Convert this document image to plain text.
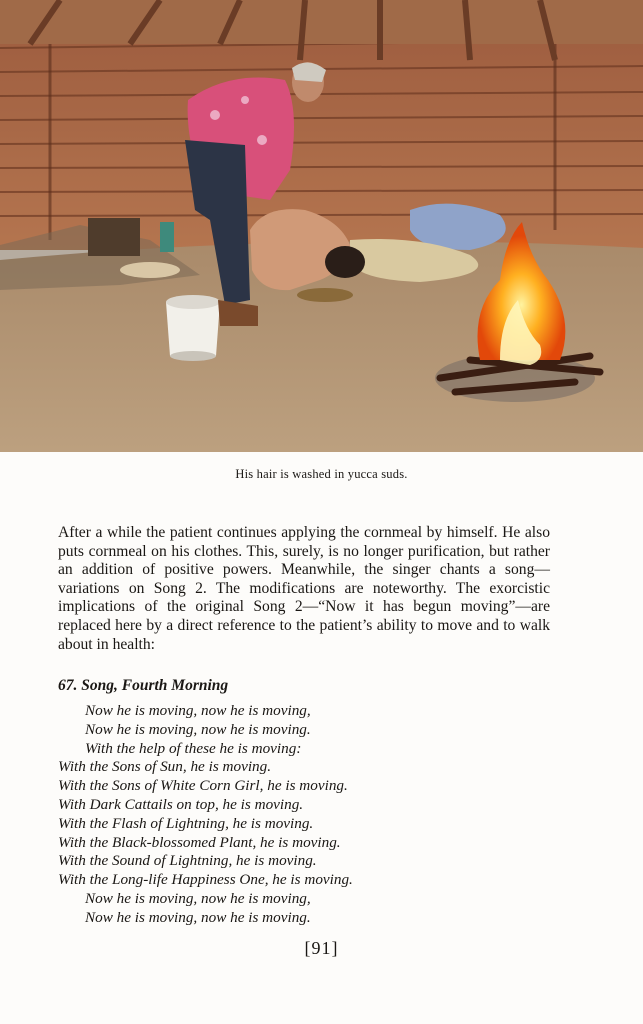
His hair is washed in yucca suds.

After a while the patient continues applying the cornmeal by himself. He also puts cornmeal on his clothes. This, surely, is no longer purification, but rather an addition of positive powers. Meanwhile, the singer chants a song—variations on Song 2. The modifications are noteworthy. The exorcistic implications of the original Song 2—“Now it has begun moving”—are replaced here by a direct reference to the patient’s ability to move and to walk about in health:

67. Song, Fourth Morning
Now he is moving, now he is moving,
Now he is moving, now he is moving.
With the help of these he is moving:
With the Sons of Sun, he is moving.
With the Sons of White Corn Girl, he is moving.
With Dark Cattails on top, he is moving.
With the Flash of Lightning, he is moving.
With the Black-blossomed Plant, he is moving.
With the Sound of Lightning, he is moving.
With the Long-life Happiness One, he is moving.
Now he is moving, now he is moving,
Now he is moving, now he is moving.
[91]
